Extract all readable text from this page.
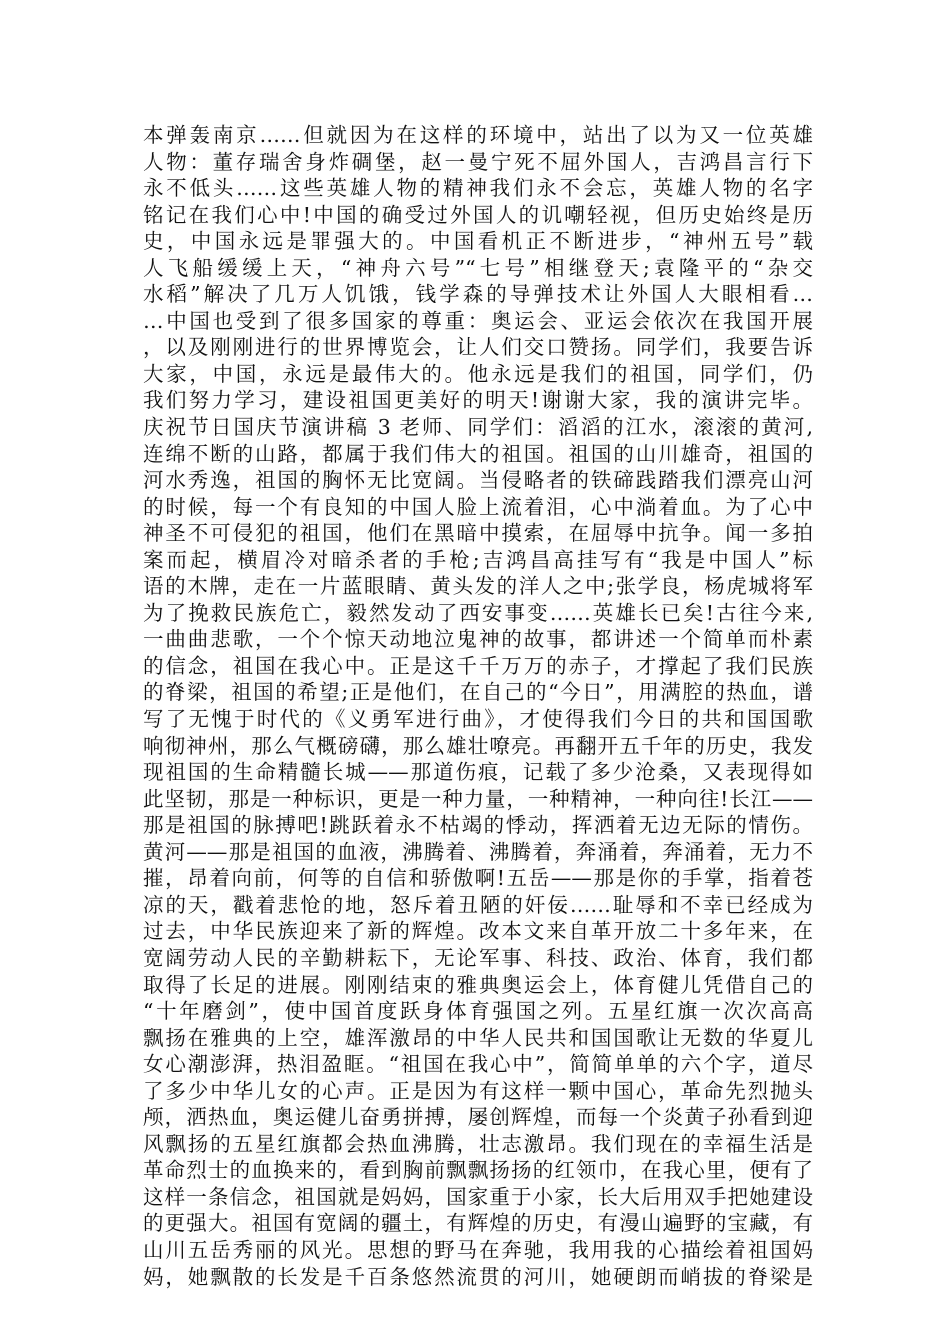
本弹轰南京……但就因为在这样的环境中，站出了以为又一位英雄
人物：董存瑞舍身炸碉堡，赵一曼宁死不屈外国人，吉鸿昌言行下
永不低头……这些英雄人物的精神我们永不会忘，英雄人物的名字
铭记在我们心中!中国的确受过外国人的讥嘲轻视，但历史始终是历
史，中国永远是罪强大的。中国看机正不断进步，“神州五号”载
人飞船缓缓上天，“神舟六号”“七号”相继登天;袁隆平的“杂交
水稻”解决了几万人饥饿，钱学森的导弹技术让外国人大眼相看…
…中国也受到了很多国家的尊重：奥运会、亚运会依次在我国开展
，以及刚刚进行的世界博览会，让人们交口赞扬。同学们，我要告诉
大家，中国，永远是最伟大的。他永远是我们的祖国，同学们，仍
我们努力学习，建设祖国更美好的明天!谢谢大家，我的演讲完毕。
庆祝节日国庆节演讲稿 3 老师、同学们：滔滔的江水，滚滚的黄河,
连绵不断的山路，都属于我们伟大的祖国。祖国的山川雄奇，祖国的
河水秀逸，祖国的胸怀无比宽阔。当侵略者的铁碲践踏我们漂亮山河
的时候，每一个有良知的中国人脸上流着泪，心中淌着血。为了心中
神圣不可侵犯的祖国，他们在黑暗中摸索，在屈辱中抗争。闻一多拍
案而起，横眉冷对暗杀者的手枪;吉鸿昌高挂写有“我是中国人”标
语的木牌，走在一片蓝眼睛、黄头发的洋人之中;张学良，杨虎城将军
为了挽救民族危亡，毅然发动了西安事变……英雄长已矣!古往今来,
一曲曲悲歌，一个个惊天动地泣鬼神的故事，都讲述一个简单而朴素
的信念，祖国在我心中。正是这千千万万的赤子，才撑起了我们民族
的脊梁，祖国的希望;正是他们，在自己的“今日”，用满腔的热血，谱
写了无愧于时代的《义勇军进行曲》，才使得我们今日的共和国国歌
响彻神州，那么气概磅礴，那么雄壮嘹亮。再翻开五千年的历史，我发
现祖国的生命精髓长城——那道伤痕，记载了多少沧桑，又表现得如
此坚韧，那是一种标识，更是一种力量，一种精神，一种向往!长江——
那是祖国的脉搏吧!跳跃着永不枯竭的悸动，挥洒着无边无际的情伤。
黄河——那是祖国的血液，沸腾着、沸腾着，奔涌着，奔涌着，无力不
摧，昂着向前，何等的自信和骄傲啊!五岳——那是你的手掌，指着苍
凉的天，戳着悲怆的地，怒斥着丑陋的奸佞……耻辱和不幸已经成为
过去，中华民族迎来了新的辉煌。改本文来自革开放二十多年来，在
宽阔劳动人民的辛勤耕耘下，无论军事、科技、政治、体育，我们都
取得了长足的进展。刚刚结束的雅典奥运会上，体育健儿凭借自己的
“十年磨剑”，使中国首度跃身体育强国之列。五星红旗一次次高高
飘扬在雅典的上空，雄浑激昂的中华人民共和国国歌让无数的华夏儿
女心潮澎湃，热泪盈眶。“祖国在我心中”，简简单单的六个字，道尽
了多少中华儿女的心声。正是因为有这样一颗中国心，革命先烈抛头
颅，洒热血，奥运健儿奋勇拼搏，屡创辉煌，而每一个炎黄子孙看到迎
风飘扬的五星红旗都会热血沸腾，壮志激昂。我们现在的幸福生活是
革命烈士的血换来的，看到胸前飘飘扬扬的红领巾，在我心里，便有了
这样一条信念，祖国就是妈妈，国家重于小家，长大后用双手把她建设
的更强大。祖国有宽阔的疆土，有辉煌的历史，有漫山遍野的宝藏，有
山川五岳秀丽的风光。思想的野马在奔驰，我用我的心描绘着祖国妈
妈，她飘散的长发是千百条悠然流贯的河川，她硬朗而峭拔的脊梁是
